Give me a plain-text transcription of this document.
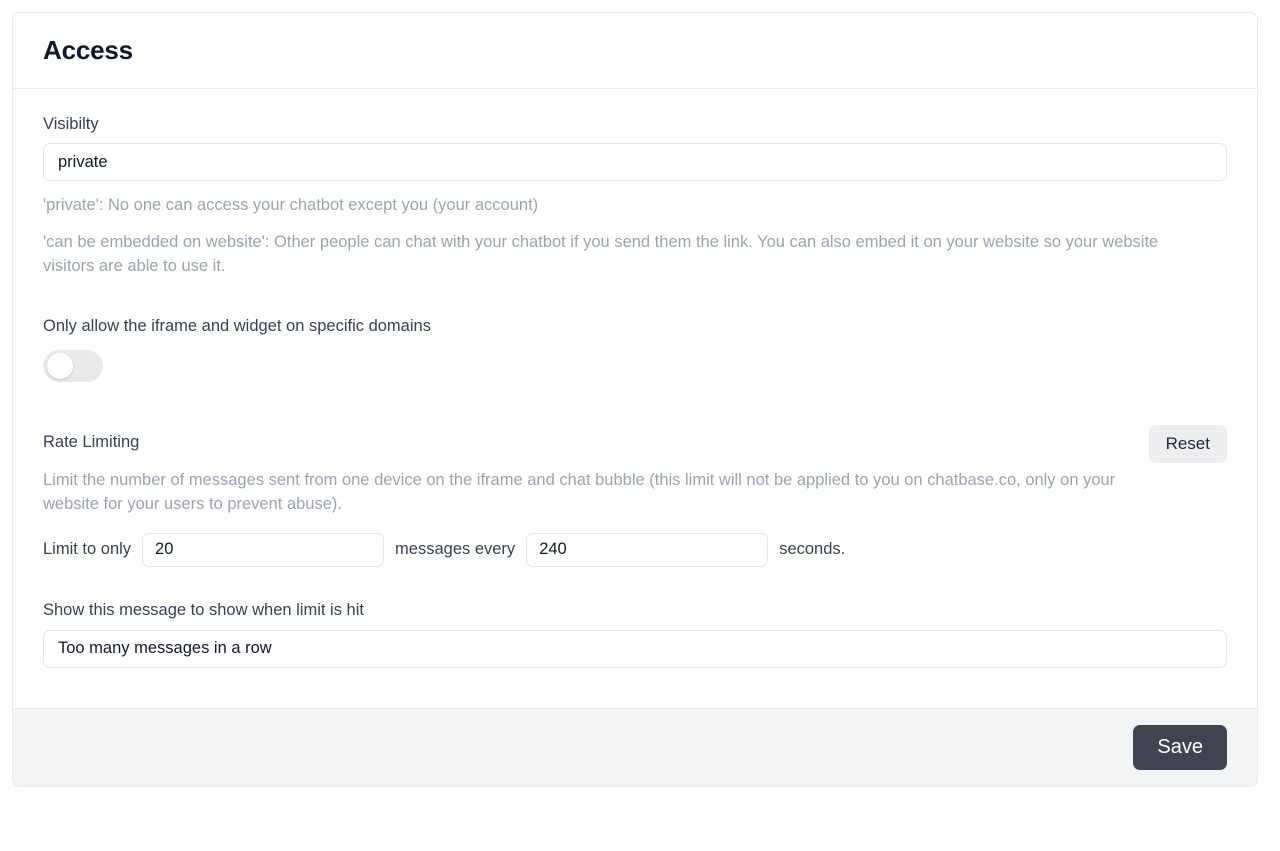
Access
Visibilty
private
'private': No one can access your chatbot except you (your account)
'can be embedded on website': Other people can chat with your chatbot if you send them the link. You can also embed it on your website so your website visitors are able to use it.
Only allow the iframe and widget on specific domains
Rate Limiting	Reset
Limit the number of messages sent from one device on the iframe and chat bubble (this limit will not be applied to you on chatbase.co, only on your website for your users to prevent abuse).
Limit to only
20	messages every
240	seconds.
Show this message to show when limit is hit
Too many messages in a row
Save
